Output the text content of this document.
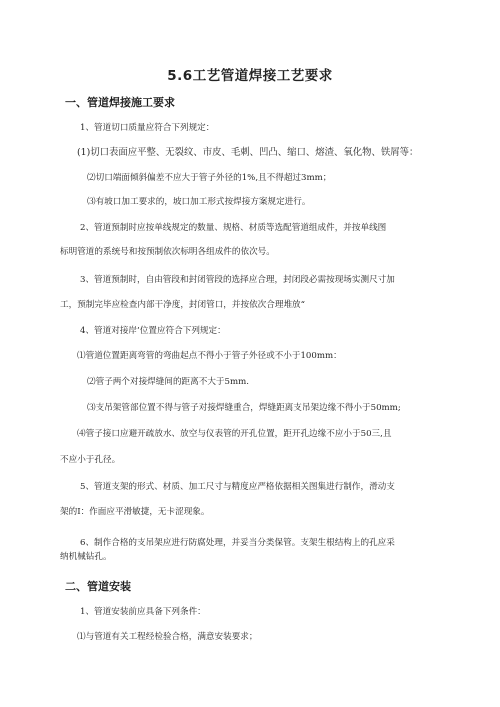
5.6工艺管道焊接工艺要求
一、管道焊接施工要求
1、管道切口质量应符合下列规定：
(1)切口表面应平整、无裂纹、市皮、毛刺、凹凸、缩口、熔渣、氧化物、铁屑等：
⑵切口端面倾斜偏差不应大于管子外径的1%,且不得超过3mm；
⑶有坡口加工要求的，坡口加工形式按焊接方案规定进行。
2、管道预制时应按单线规定的数量、规格、材质等选配管道组成件，并按单线图
标明管道的系统号和按预制依次标明各组成件的依次号。
3、管道预制时，自由管段和封闭管段的选择应合理，封闭段必需按现场实测尺寸加
工，预制完毕应检查内部干净度，封闭管口，并按依次合理堆放“
4、管道对接岸’位置应符合下列规定：
⑴管道位置距离弯管的弯曲起点不得小于管子外径或不小于100mm：
⑵管子两个对接焊缝间的距离不大于5mm.
⑶支吊架管部位置不得与管子对接焊缝重合，焊缝距离支吊架边缘不得小于50mm;
⑷管子接口应避开疏放水、放空与仪表管的开孔位置，距开孔边缘不应小于50三,且
不应小于孔径。
5、管道支架的形式、材质、加工尺寸与精度应严格依据相关图集进行制作，滑动支
架的I：作面应平滑敏捷，无卡涩现象。
6、制作合格的支吊架应进行防腐处理，并妥当分类保管。支架生根结构上的孔应采
纳机械钻孔。
二、管道安装
1、管道安装前应具备下列条件：
⑴与管道有关工程经检验合格，满意安装要求；
